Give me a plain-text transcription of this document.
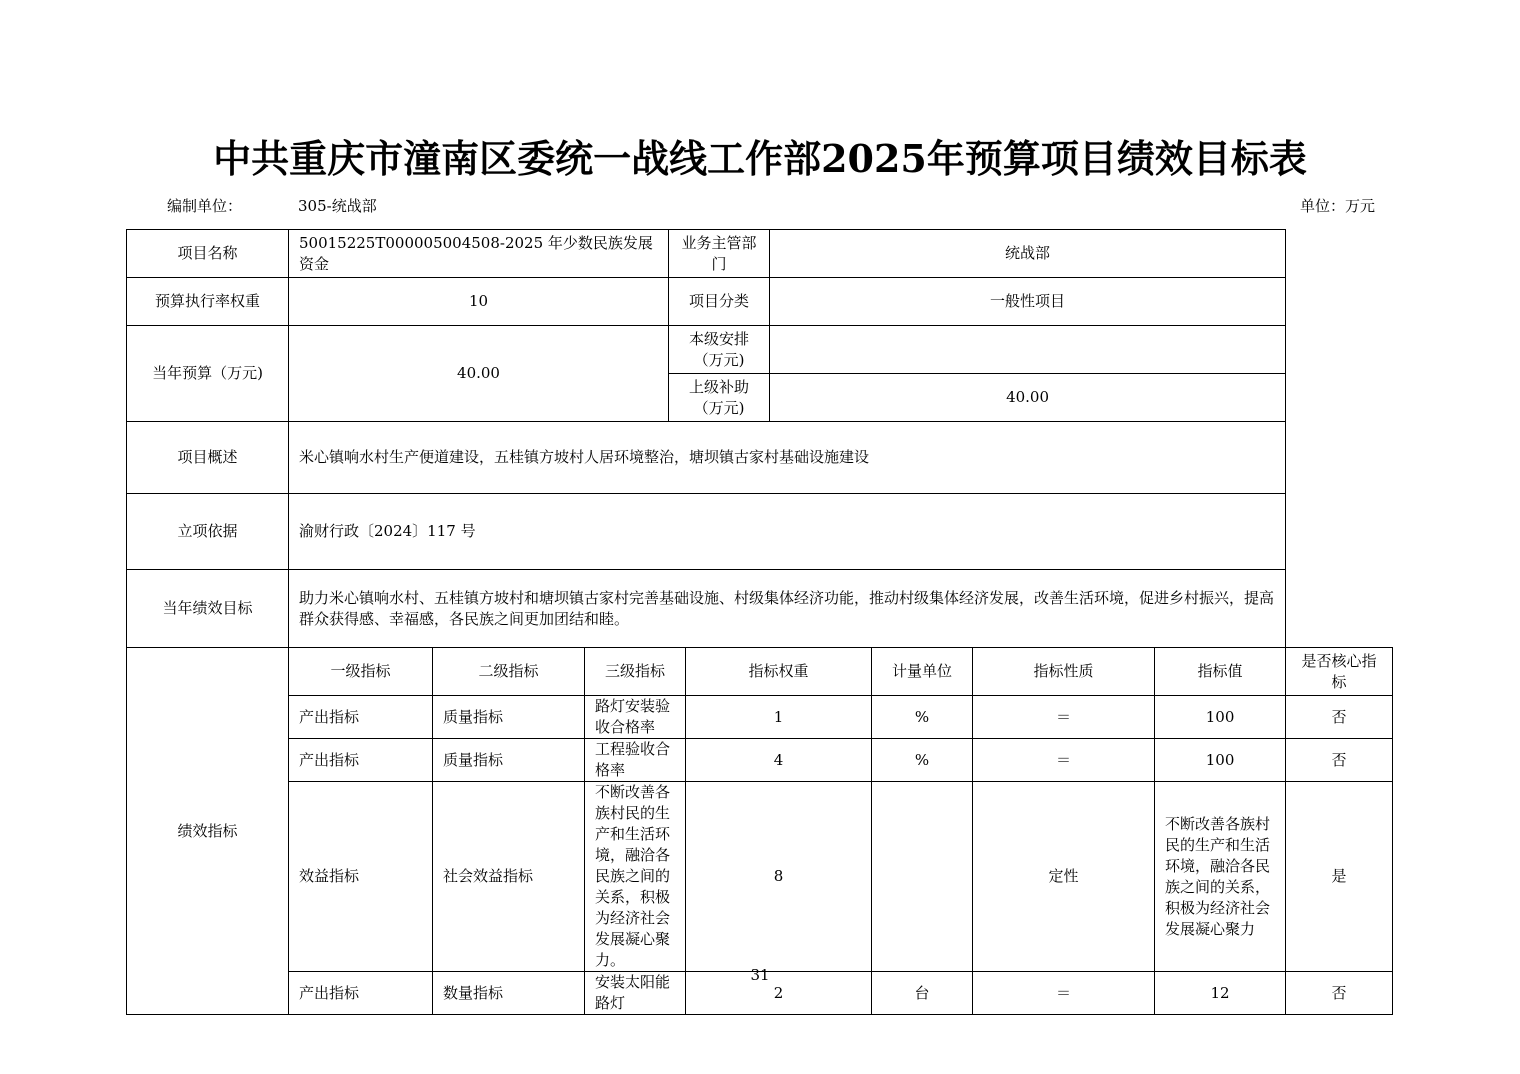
中共重庆市潼南区委统一战线工作部2025年预算项目绩效目标表
编制单位：	305-统战部	单位：万元
项目名称	50015225T000005004508-2025 年少数民族发展资金			业务主管部门		统战部				
预算执行率权重	10			项目分类		一般性项目				
当年预算（万元)	40.00			本级安排（万元)						
				上级补助（万元)		40.00				
项目概述	米心镇响水村生产便道建设，五桂镇方坡村人居环境整治，塘坝镇古家村基础设施建设									
立项依据	渝财行政〔2024〕117 号									
当年绩效目标	助力米心镇响水村、五桂镇方坡村和塘坝镇古家村完善基础设施、村级集体经济功能，推动村级集体经济发展，改善生活环境，促进乡村振兴，提高群众获得感、幸福感，各民族之间更加团结和睦。									
绩效指标	一级指标	二级指标	三级指标		指标权重		计量单位	指标性质	指标值	是否核心指标
	产出指标	质量指标	路灯安装验收合格率		1		%	＝	100	否
	产出指标	质量指标	工程验收合格率		4		%	＝	100	否
	效益指标	社会效益指标	不断改善各族村民的生产和生活环境，融洽各民族之间的关系，积极为经济社会发展凝心聚力。		8			定性	不断改善各族村民的生产和生活环境，融洽各民族之间的关系，积极为经济社会发展凝心聚力	是
	产出指标	数量指标	安装太阳能路灯		2		台	＝	12	否
31
